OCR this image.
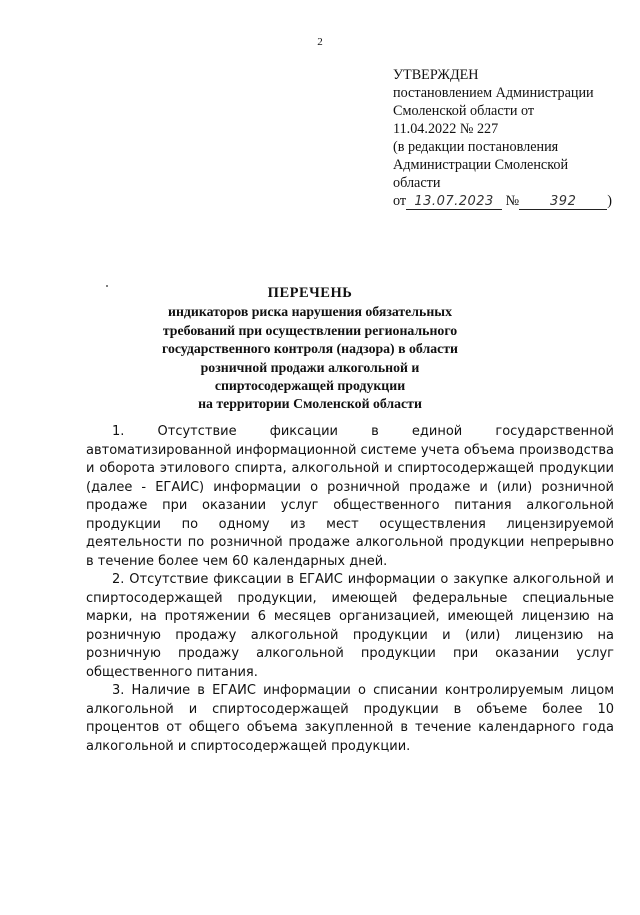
2
УТВЕРЖДЕН
постановлением Администрации
Смоленской области от
11.04.2022 № 227
(в редакции постановления
Администрации Смоленской
области
от 13.07.2023 № 392 )
ПЕРЕЧЕНЬ
индикаторов риска нарушения обязательных
требований при осуществлении регионального
государственного контроля (надзора) в области
розничной продажи алкогольной и
спиртосодержащей продукции
на территории Смоленской области

1. Отсутствие фиксации в единой государственной автоматизированной информационной системе учета объема производства и оборота этилового спирта, алкогольной и спиртосодержащей продукции (далее - ЕГАИС) информации о розничной продаже и (или) розничной продаже при оказании услуг общественного питания алкогольной продукции по одному из мест осуществления лицензируемой деятельности по розничной продаже алкогольной продукции непрерывно в течение более чем 60 календарных дней.

2. Отсутствие фиксации в ЕГАИС информации о закупке алкогольной и спиртосодержащей продукции, имеющей федеральные специальные марки, на протяжении 6 месяцев организацией, имеющей лицензию на розничную продажу алкогольной продукции и (или) лицензию на розничную продажу алкогольной продукции при оказании услуг общественного питания.

3. Наличие в ЕГАИС информации о списании контролируемым лицом алкогольной и спиртосодержащей продукции в объеме более 10 процентов от общего объема закупленной в течение календарного года алкогольной и спиртосодержащей продукции.
